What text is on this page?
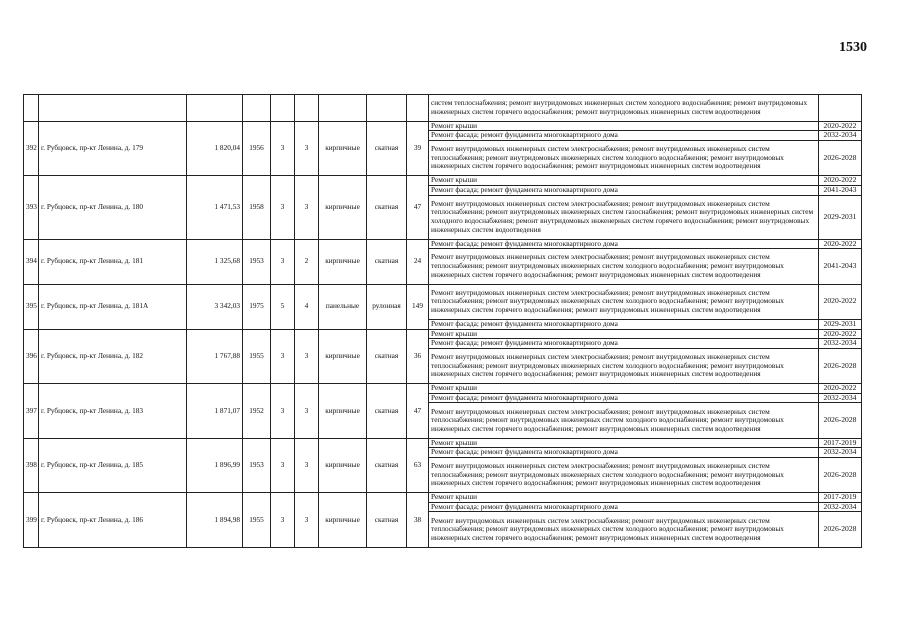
1530
									систем теплоснабжения; ремонт внутридомовых инженерных систем холодного водоснабжения; ремонт внутридомовых инженерных систем горячего водоснабжения; ремонт внутридомовых инженерных систем водоотведения	
392	г. Рубцовск, пр-кт Ленина, д. 179	1 820,04	1956	3	3	кирпичные	скатная	39	Ремонт крыши	2020-2022
									Ремонт фасада; ремонт фундамента многоквартирного дома	2032-2034
									Ремонт внутридомовых инженерных систем электроснабжения; ремонт внутридомовых инженерных систем теплоснабжения; ремонт внутридомовых инженерных систем холодного водоснабжения; ремонт внутридомовых инженерных систем горячего водоснабжения; ремонт внутридомовых инженерных систем водоотведения	2026-2028
393	г. Рубцовск, пр-кт Ленина, д. 180	1 471,53	1958	3	3	кирпичные	скатная	47	Ремонт крыши	2020-2022
									Ремонт фасада; ремонт фундамента многоквартирного дома	2041-2043
									Ремонт внутридомовых инженерных систем электроснабжения; ремонт внутридомовых инженерных систем теплоснабжения; ремонт внутридомовых инженерных систем газоснабжения; ремонт внутридомовых инженерных систем холодного водоснабжения; ремонт внутридомовых инженерных систем горячего водоснабжения; ремонт внутридомовых инженерных систем водоотведения	2029-2031
394	г. Рубцовск, пр-кт Ленина, д. 181	1 325,68	1953	3	2	кирпичные	скатная	24	Ремонт фасада; ремонт фундамента многоквартирного дома	2020-2022
									Ремонт внутридомовых инженерных систем электроснабжения; ремонт внутридомовых инженерных систем теплоснабжения; ремонт внутридомовых инженерных систем холодного водоснабжения; ремонт внутридомовых инженерных систем горячего водоснабжения; ремонт внутридомовых инженерных систем водоотведения	2041-2043
395	г. Рубцовск, пр-кт Ленина, д. 181А	3 342,03	1975	5	4	панельные	рулонная	149	Ремонт внутридомовых инженерных систем электроснабжения; ремонт внутридомовых инженерных систем теплоснабжения; ремонт внутридомовых инженерных систем холодного водоснабжения; ремонт внутридомовых инженерных систем горячего водоснабжения; ремонт внутридомовых инженерных систем водоотведения	2020-2022
									Ремонт фасада; ремонт фундамента многоквартирного дома	2029-2031
396	г. Рубцовск, пр-кт Ленина, д. 182	1 767,88	1955	3	3	кирпичные	скатная	36	Ремонт крыши	2020-2022
									Ремонт фасада; ремонт фундамента многоквартирного дома	2032-2034
									Ремонт внутридомовых инженерных систем электроснабжения; ремонт внутридомовых инженерных систем теплоснабжения; ремонт внутридомовых инженерных систем холодного водоснабжения; ремонт внутридомовых инженерных систем горячего водоснабжения; ремонт внутридомовых инженерных систем водоотведения	2026-2028
397	г. Рубцовск, пр-кт Ленина, д. 183	1 871,07	1952	3	3	кирпичные	скатная	47	Ремонт крыши	2020-2022
									Ремонт фасада; ремонт фундамента многоквартирного дома	2032-2034
									Ремонт внутридомовых инженерных систем электроснабжения; ремонт внутридомовых инженерных систем теплоснабжения; ремонт внутридомовых инженерных систем холодного водоснабжения; ремонт внутридомовых инженерных систем горячего водоснабжения; ремонт внутридомовых инженерных систем водоотведения	2026-2028
398	г. Рубцовск, пр-кт Ленина, д. 185	1 896,99	1953	3	3	кирпичные	скатная	63	Ремонт крыши	2017-2019
									Ремонт фасада; ремонт фундамента многоквартирного дома	2032-2034
									Ремонт внутридомовых инженерных систем электроснабжения; ремонт внутридомовых инженерных систем теплоснабжения; ремонт внутридомовых инженерных систем холодного водоснабжения; ремонт внутридомовых инженерных систем горячего водоснабжения; ремонт внутридомовых инженерных систем водоотведения	2026-2028
399	г. Рубцовск, пр-кт Ленина, д. 186	1 894,98	1955	3	3	кирпичные	скатная	38	Ремонт крыши	2017-2019
									Ремонт фасада; ремонт фундамента многоквартирного дома	2032-2034
									Ремонт внутридомовых инженерных систем электроснабжения; ремонт внутридомовых инженерных систем теплоснабжения; ремонт внутридомовых инженерных систем холодного водоснабжения; ремонт внутридомовых инженерных систем горячего водоснабжения; ремонт внутридомовых инженерных систем водоотведения	2026-2028
